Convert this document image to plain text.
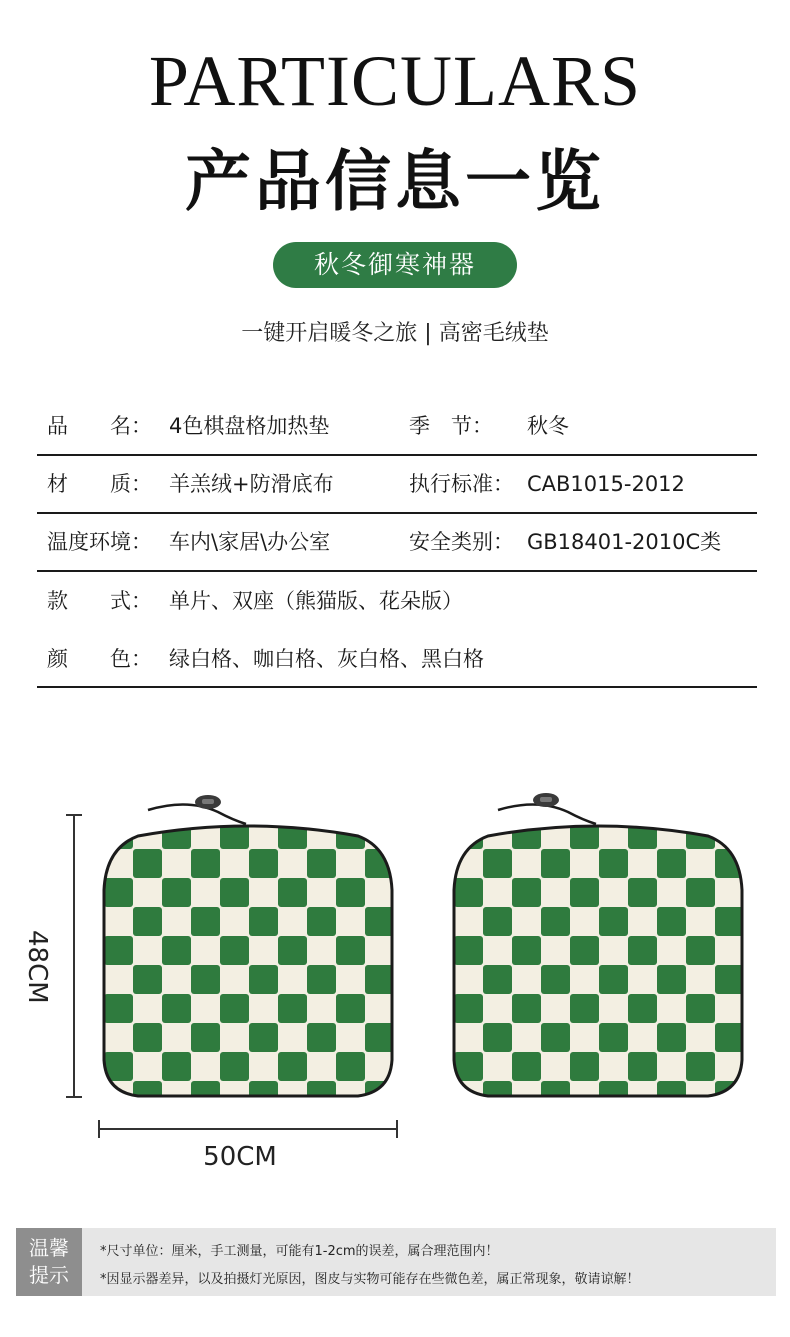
PARTICULARS
产品信息一览
秋冬御寒神器
一键开启暖冬之旅 | 高密毛绒垫
品　　名： 4色棋盘格加热垫	季　节： 秋冬
材　　质： 羊羔绒+防滑底布	执行标准： CAB1015-2012
温度环境： 车内\家居\办公室	安全类别： GB18401-2010C类
款　　式： 单片、双座（熊猫版、花朵版）
颜　　色： 绿白格、咖白格、灰白格、黑白格
48CM
50CM
温馨
提示
*尺寸单位：厘米，手工测量，可能有1-2cm的误差，属合理范围内！
*因显示器差异，以及拍摄灯光原因，图皮与实物可能存在些微色差，属正常现象，敬请谅解！
